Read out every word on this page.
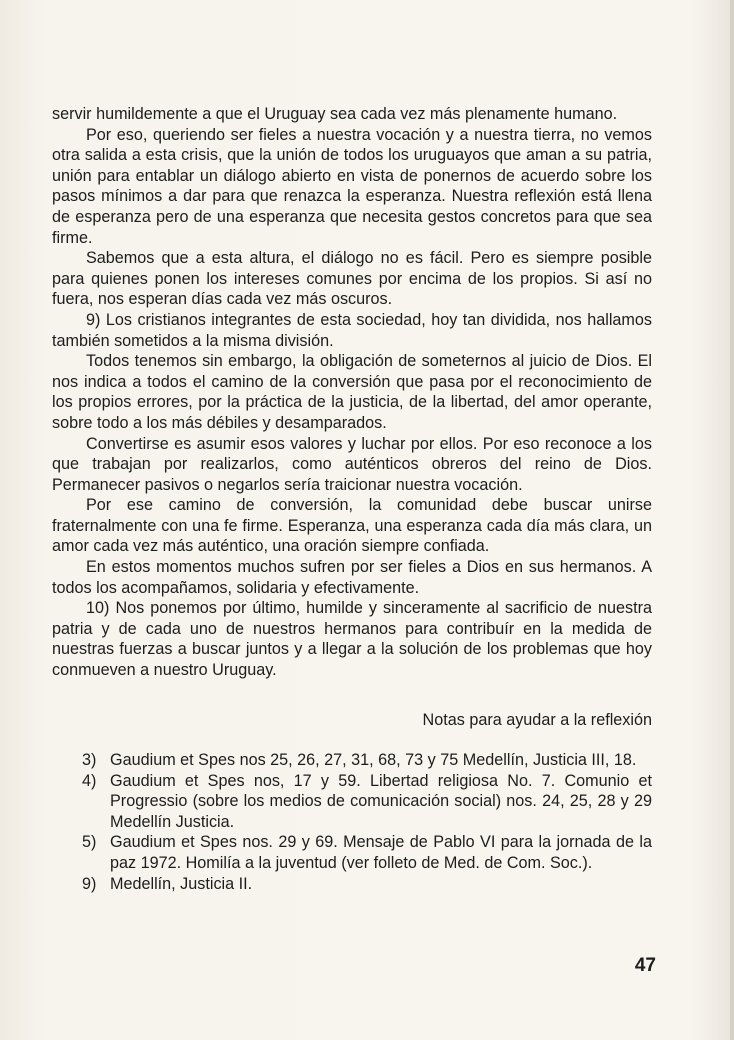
servir humildemente a que el Uruguay sea cada vez más plenamente humano.

Por eso, queriendo ser fieles a nuestra vocación y a nuestra tierra, no vemos otra salida a esta crisis, que la unión de todos los uruguayos que aman a su patria, unión para entablar un diálogo abierto en vista de ponernos de acuerdo sobre los pasos mínimos a dar para que renazca la esperanza. Nuestra reflexión está llena de esperanza pero de una esperanza que necesita gestos concretos para que sea firme.

Sabemos que a esta altura, el diálogo no es fácil. Pero es siempre posible para quienes ponen los intereses comunes por encima de los propios. Si así no fuera, nos esperan días cada vez más oscuros.

9) Los cristianos integrantes de esta sociedad, hoy tan dividida, nos hallamos también sometidos a la misma división.

Todos tenemos sin embargo, la obligación de someternos al juicio de Dios. El nos indica a todos el camino de la conversión que pasa por el reconocimiento de los propios errores, por la práctica de la justicia, de la libertad, del amor operante, sobre todo a los más débiles y desamparados.

Convertirse es asumir esos valores y luchar por ellos. Por eso reconoce a los que trabajan por realizarlos, como auténticos obreros del reino de Dios. Permanecer pasivos o negarlos sería traicionar nuestra vocación.

Por ese camino de conversión, la comunidad debe buscar unirse fraternalmente con una fe firme. Esperanza, una esperanza cada día más clara, un amor cada vez más auténtico, una oración siempre confiada.

En estos momentos muchos sufren por ser fieles a Dios en sus hermanos. A todos los acompañamos, solidaria y efectivamente.

10) Nos ponemos por último, humilde y sinceramente al sacrificio de nuestra patria y de cada uno de nuestros hermanos para contribuír en la medida de nuestras fuerzas a buscar juntos y a llegar a la solución de los problemas que hoy conmueven a nuestro Uruguay.

Notas para ayudar a la reflexión
3) Gaudium et Spes nos 25, 26, 27, 31, 68, 73 y 75 Medellín, Justicia III, 18.
4) Gaudium et Spes nos, 17 y 59. Libertad religiosa No. 7. Comunio et Progressio (sobre los medios de comunicación social) nos. 24, 25, 28 y 29 Medellín Justicia.
5) Gaudium et Spes nos. 29 y 69. Mensaje de Pablo VI para la jornada de la paz 1972. Homilía a la juventud (ver folleto de Med. de Com. Soc.).
9) Medellín, Justicia II.
47
